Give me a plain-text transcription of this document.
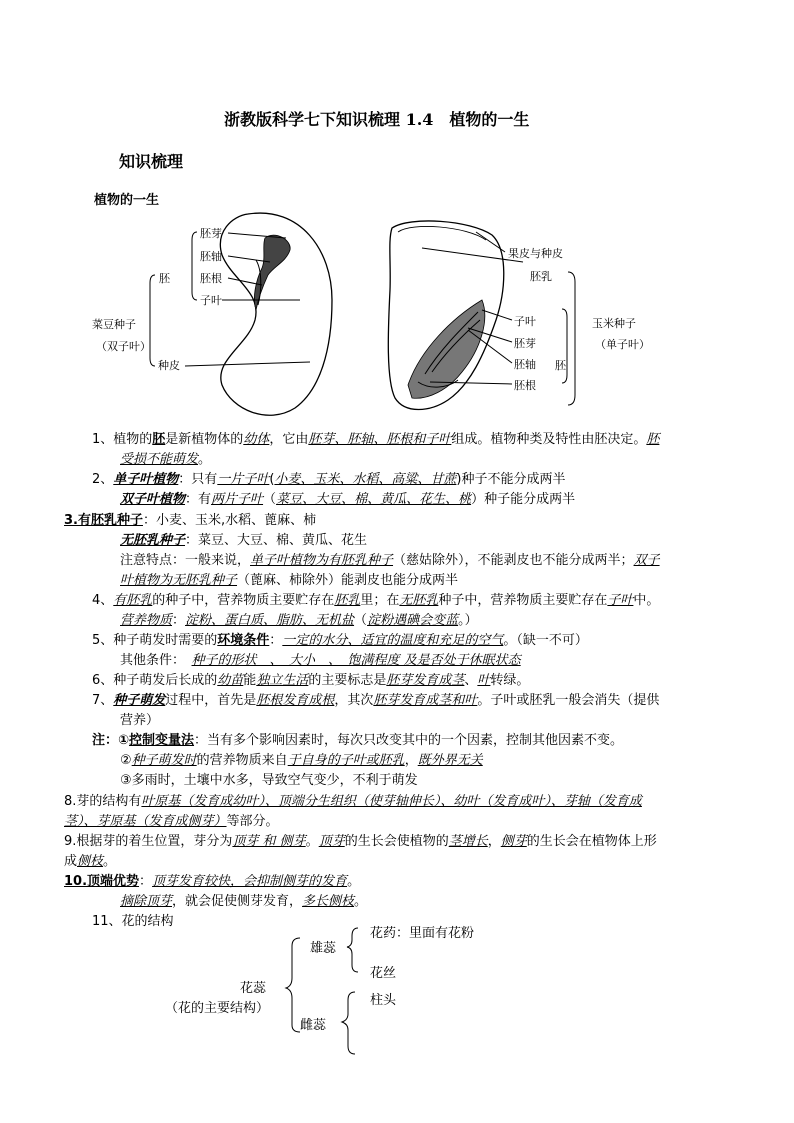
浙教版科学七下知识梳理 1.4　植物的一生
知识梳理
植物的一生
胚芽
胚轴
胚根
子叶
胚
种皮
菜豆种子
（双子叶）
果皮与种皮
胚乳
子叶
胚芽
胚轴
胚根
胚
玉米种子
（单子叶）
1、植物的胚是新植物体的幼体，它由胚芽、胚轴、胚根和子叶组成。植物种类及特性由胚决定。胚
受损不能萌发。
2、单子叶植物：只有一片子叶(小麦、玉米、水稻、高粱、甘蔗)种子不能分成两半
双子叶植物：有两片子叶（菜豆、大豆、棉、黄瓜、花生、桃）种子能分成两半
3.有胚乳种子：小麦、玉米,水稻、蓖麻、柿
无胚乳种子：菜豆、大豆、棉、黄瓜、花生
注意特点：一般来说，单子叶植物为有胚乳种子（慈姑除外），不能剥皮也不能分成两半；双子
叶植物为无胚乳种子（蓖麻、柿除外）能剥皮也能分成两半
4、有胚乳的种子中，营养物质主要贮存在胚乳里；在无胚乳种子中，营养物质主要贮存在子叶中。
营养物质：淀粉、蛋白质、脂肪、无机盐（淀粉遇碘会变蓝。）
5、种子萌发时需要的环境条件：一定的水分、适宜的温度和充足的空气。（缺一不可）
其他条件：　种子的形状　、　大小　、　饱满程度 及是否处于休眠状态
6、种子萌发后长成的幼苗能独立生活的主要标志是胚芽发育成茎、叶转绿。
7、种子萌发过程中，首先是胚根发育成根，其次胚芽发育成茎和叶。子叶或胚乳一般会消失（提供
营养）
注：①控制变量法：当有多个影响因素时，每次只改变其中的一个因素，控制其他因素不变。
②种子萌发时的营养物质来自于自身的子叶或胚乳，既外界无关
③多雨时，土壤中水多，导致空气变少，不利于萌发
8.芽的结构有叶原基（发育成幼叶）、顶端分生组织（使芽轴伸长）、幼叶（发育成叶）、芽轴（发育成
茎）、芽原基（发育成侧芽）等部分。
9.根据芽的着生位置，芽分为顶芽 和 侧芽。顶芽的生长会使植物的茎增长，侧芽的生长会在植物体上形
成侧枝。
10.顶端优势：顶芽发育较快，会抑制侧芽的发育。
摘除顶芽，就会促使侧芽发育，多长侧枝。
11、花的结构
花蕊
（花的主要结构）
雄蕊
花药：里面有花粉
花丝
雌蕊
柱头
